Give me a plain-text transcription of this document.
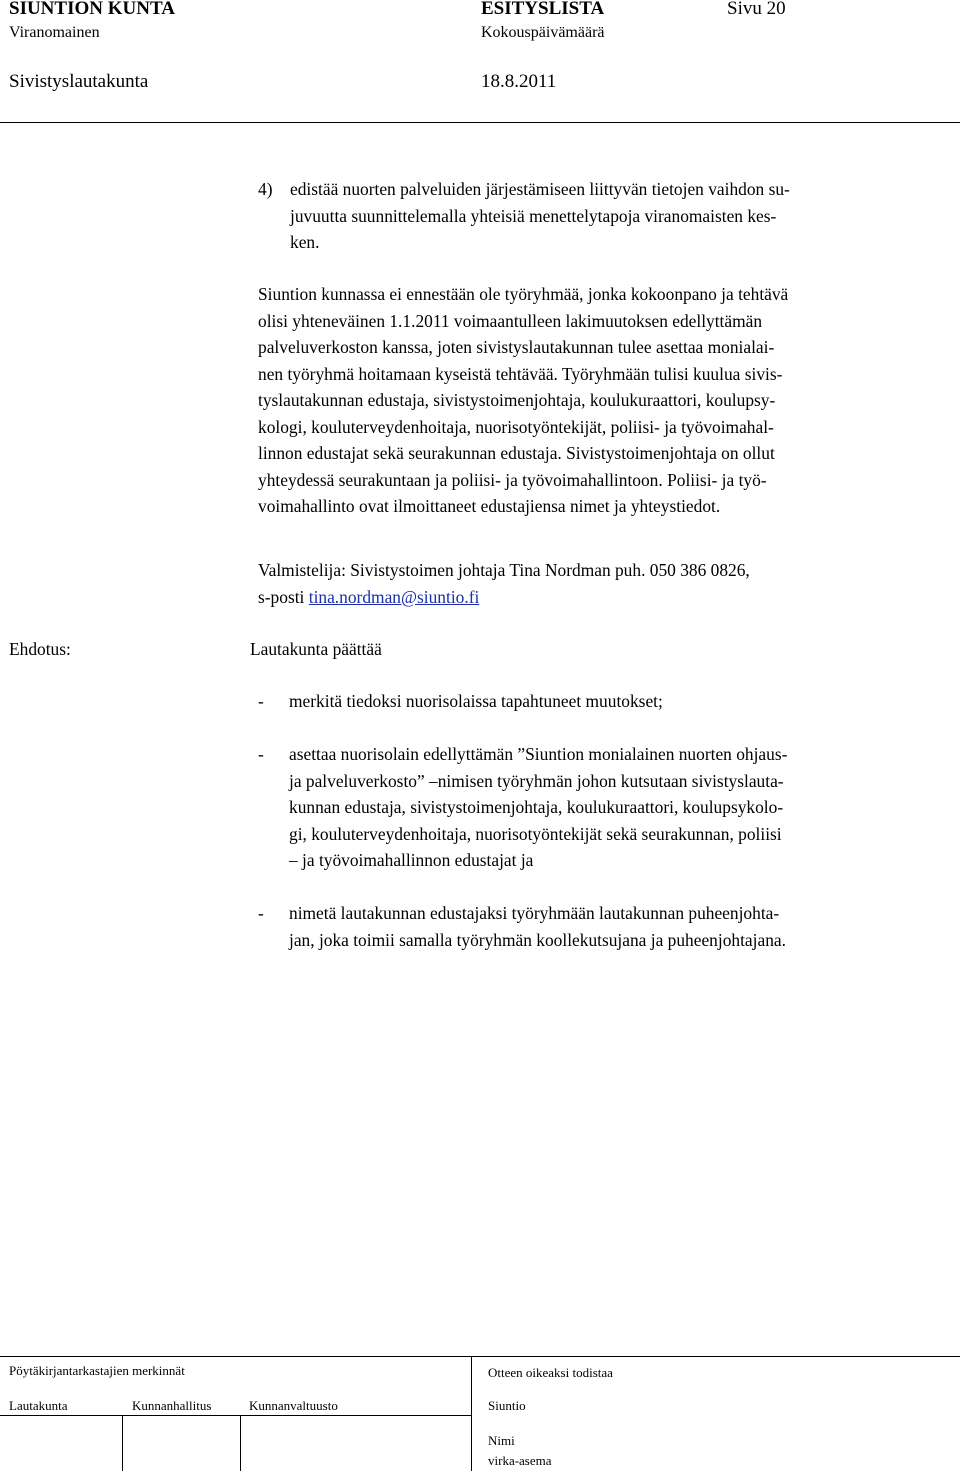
SIUNTION KUNTA	ESITYSLISTA	Sivu 20
Viranomainen	Kokouspäivämäärä
Sivistyslautakunta	18.8.2011
4) edistää nuorten palveluiden järjestämiseen liittyvän tietojen vaihdon su-
juvuutta suunnittelemalla yhteisiä menettelytapoja viranomaisten kes-
ken.
Siuntion kunnassa ei ennestään ole työryhmää, jonka kokoonpano ja tehtävä
olisi yhteneväinen 1.1.2011 voimaantulleen lakimuutoksen edellyttämän
palveluverkoston kanssa, joten sivistyslautakunnan tulee asettaa monialai-
nen työryhmä hoitamaan kyseistä tehtävää. Työryhmään tulisi kuulua sivis-
tyslautakunnan edustaja, sivistystoimenjohtaja, koulukuraattori, koulupsy-
kologi, kouluterveydenhoitaja, nuorisotyöntekijät, poliisi- ja työvoimahal-
linnon edustajat sekä seurakunnan edustaja. Sivistystoimenjohtaja on ollut
yhteydessä seurakuntaan ja poliisi- ja työvoimahallintoon. Poliisi- ja työ-
voimahallinto ovat ilmoittaneet edustajiensa nimet ja yhteystiedot.
Valmistelija: Sivistystoimen johtaja Tina Nordman puh. 050 386 0826,
s-posti tina.nordman@siuntio.fi
Ehdotus:	Lautakunta päättää
- merkitä tiedoksi nuorisolaissa tapahtuneet muutokset;
- asettaa nuorisolain edellyttämän ”Siuntion monialainen nuorten ohjaus-
ja palveluverkosto” –nimisen työryhmän johon kutsutaan sivistyslauta-
kunnan edustaja, sivistystoimenjohtaja, koulukuraattori, koulupsykolo-
gi, kouluterveydenhoitaja, nuorisotyöntekijät sekä seurakunnan, poliisi
– ja työvoimahallinnon edustajat ja
- nimetä lautakunnan edustajaksi työryhmään lautakunnan puheenjohta-
jan, joka toimii samalla työryhmän koollekutsujana ja puheenjohtajana.
Pöytäkirjantarkastajien merkinnät	Otteen oikeaksi todistaa
Lautakunta	Kunnanhallitus	Kunnanvaltuusto	Siuntio
Nimi
virka-asema
